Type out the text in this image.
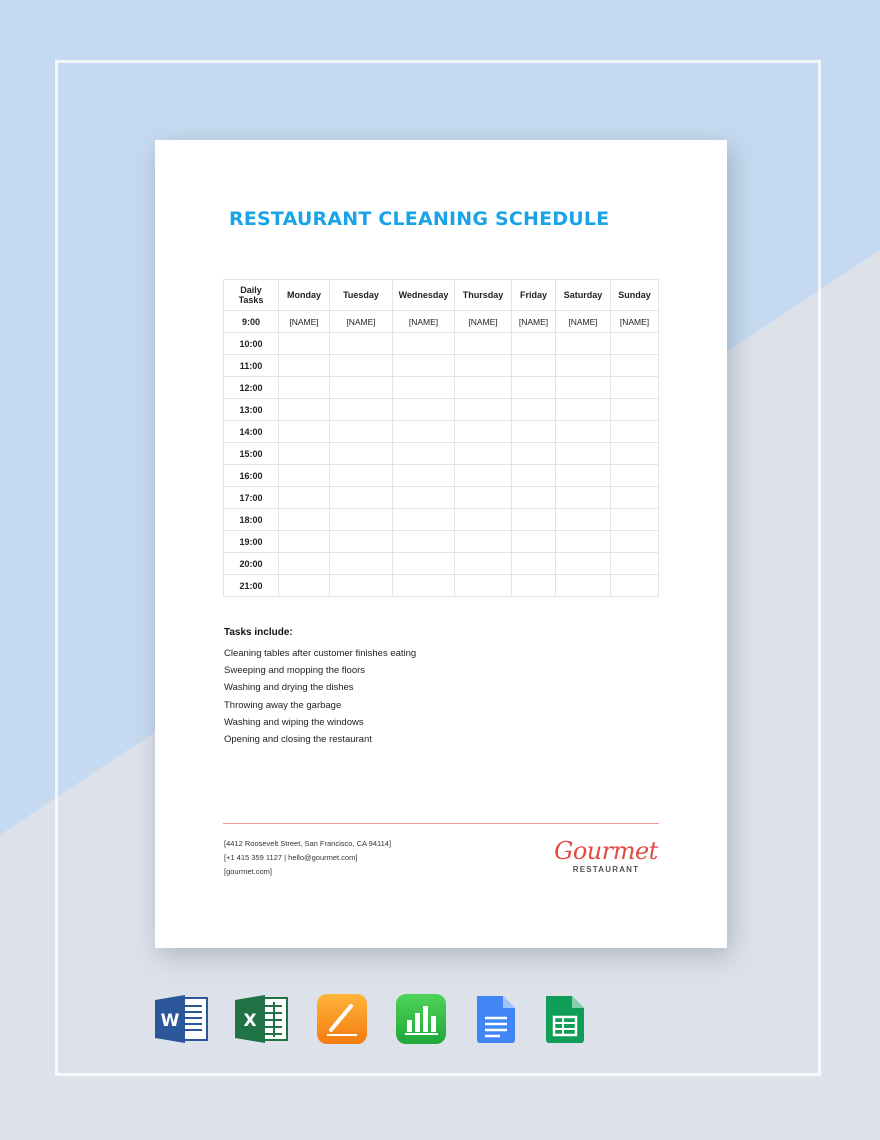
RESTAURANT CLEANING SCHEDULE
Daily
Tasks	Monday	Tuesday	Wednesday	Thursday	Friday	Saturday	Sunday
9:00	[NAME]	[NAME]	[NAME]	[NAME]	[NAME]	[NAME]	[NAME]
10:00							
11:00							
12:00							
13:00							
14:00							
15:00							
16:00							
17:00							
18:00							
19:00							
20:00							
21:00							
Tasks include:
Cleaning tables after customer finishes eating
Sweeping and mopping the floors
Washing and drying the dishes
Throwing away the garbage
Washing and wiping the windows
Opening and closing the restaurant
[4412 Roosevelt Street, San Francisco, CA 94114]
[+1 415 359 1127 | hello@gourmet.com]
[gourmet.com]
Gourmet
RESTAURANT
W	X
